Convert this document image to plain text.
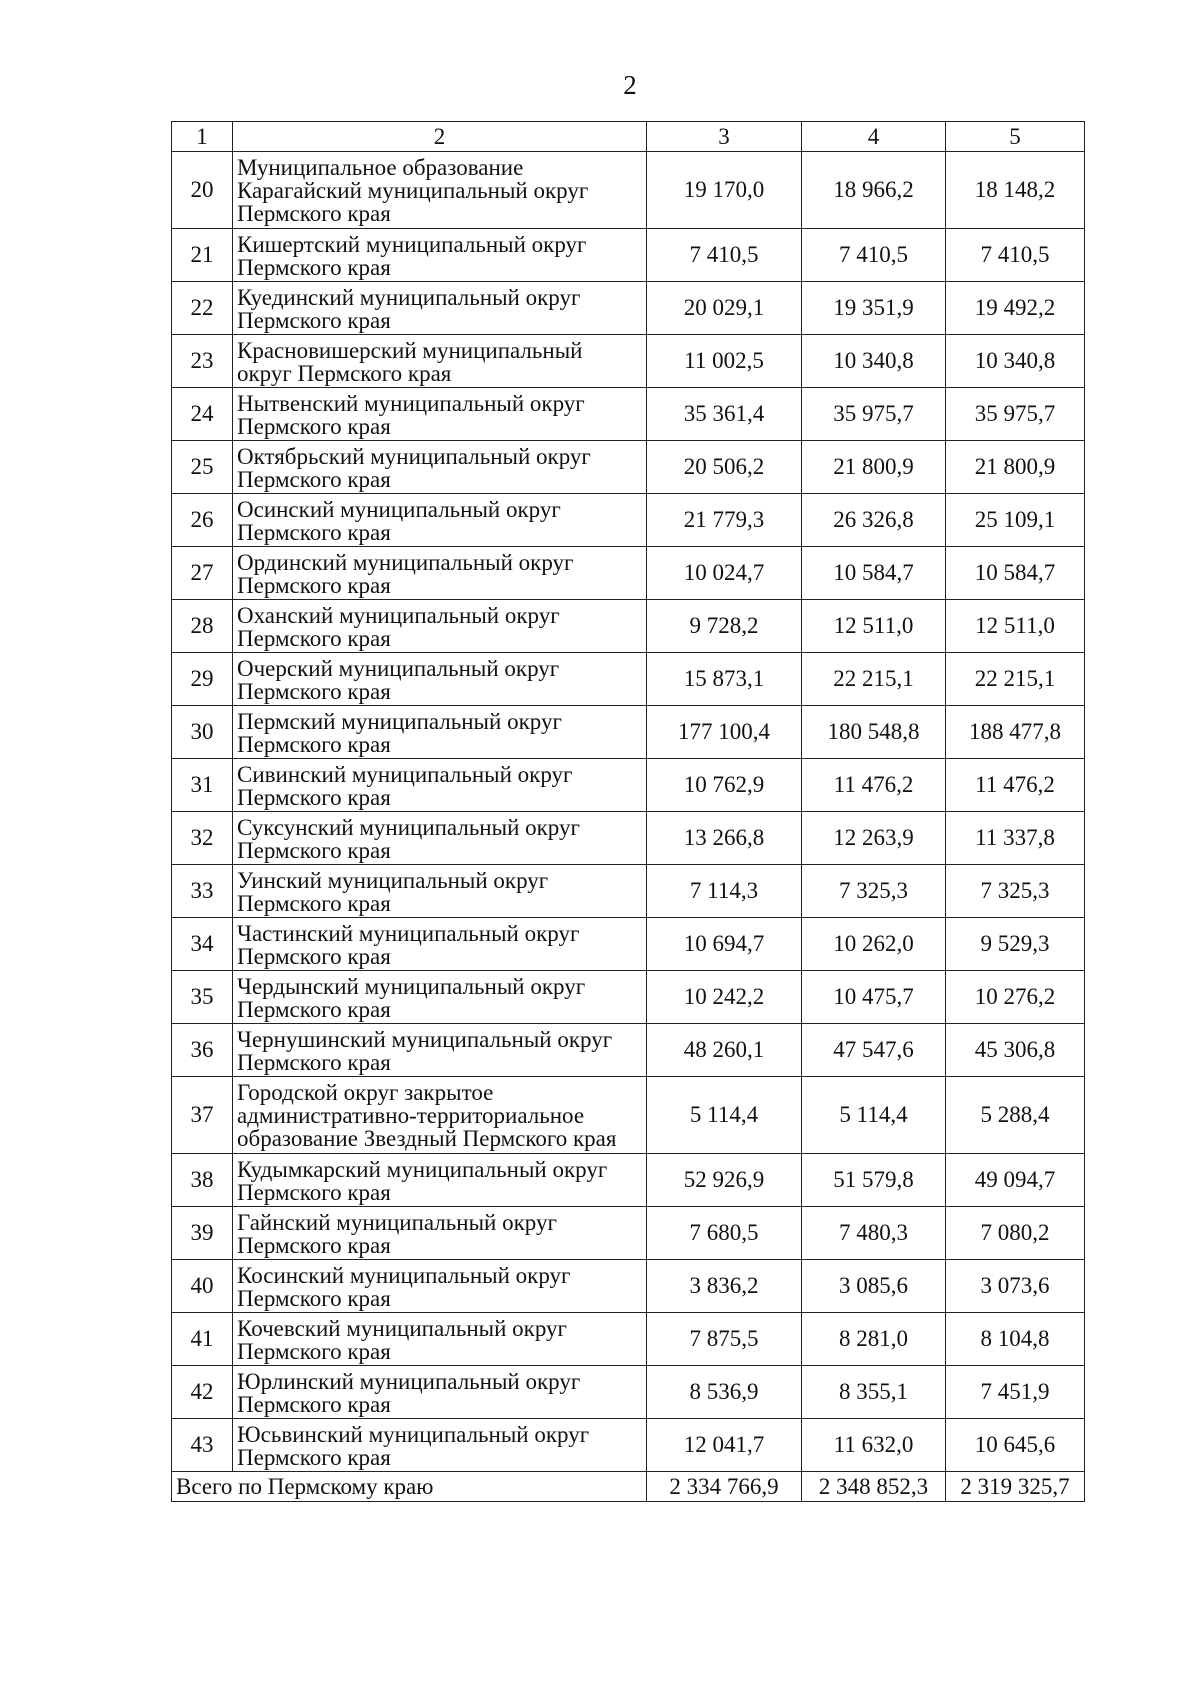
2
1	2	3	4	5
20	Муниципальное образование Карагайский муниципальный округ Пермского края	19 170,0	18 966,2	18 148,2
21	Кишертский муниципальный округ Пермского края	7 410,5	7 410,5	7 410,5
22	Куединский муниципальный округ Пермского края	20 029,1	19 351,9	19 492,2
23	Красновишерский муниципальный округ Пермского края	11 002,5	10 340,8	10 340,8
24	Нытвенский муниципальный округ Пермского края	35 361,4	35 975,7	35 975,7
25	Октябрьский муниципальный округ Пермского края	20 506,2	21 800,9	21 800,9
26	Осинский муниципальный округ Пермского края	21 779,3	26 326,8	25 109,1
27	Ординский муниципальный округ Пермского края	10 024,7	10 584,7	10 584,7
28	Оханский муниципальный округ Пермского края	9 728,2	12 511,0	12 511,0
29	Очерский муниципальный округ Пермского края	15 873,1	22 215,1	22 215,1
30	Пермский муниципальный округ Пермского края	177 100,4	180 548,8	188 477,8
31	Сивинский муниципальный округ Пермского края	10 762,9	11 476,2	11 476,2
32	Суксунский муниципальный округ Пермского края	13 266,8	12 263,9	11 337,8
33	Уинский муниципальный округ Пермского края	7 114,3	7 325,3	7 325,3
34	Частинский муниципальный округ Пермского края	10 694,7	10 262,0	9 529,3
35	Чердынский муниципальный округ Пермского края	10 242,2	10 475,7	10 276,2
36	Чернушинский муниципальный округ Пермского края	48 260,1	47 547,6	45 306,8
37	Городской округ закрытое административно-территориальное образование Звездный Пермского края	5 114,4	5 114,4	5 288,4
38	Кудымкарский муниципальный округ Пермского края	52 926,9	51 579,8	49 094,7
39	Гайнский муниципальный округ Пермского края	7 680,5	7 480,3	7 080,2
40	Косинский муниципальный округ Пермского края	3 836,2	3 085,6	3 073,6
41	Кочевский муниципальный округ Пермского края	7 875,5	8 281,0	8 104,8
42	Юрлинский муниципальный округ Пермского края	8 536,9	8 355,1	7 451,9
43	Юсьвинский муниципальный округ Пермского края	12 041,7	11 632,0	10 645,6
Всего по Пермскому краю		2 334 766,9	2 348 852,3	2 319 325,7
